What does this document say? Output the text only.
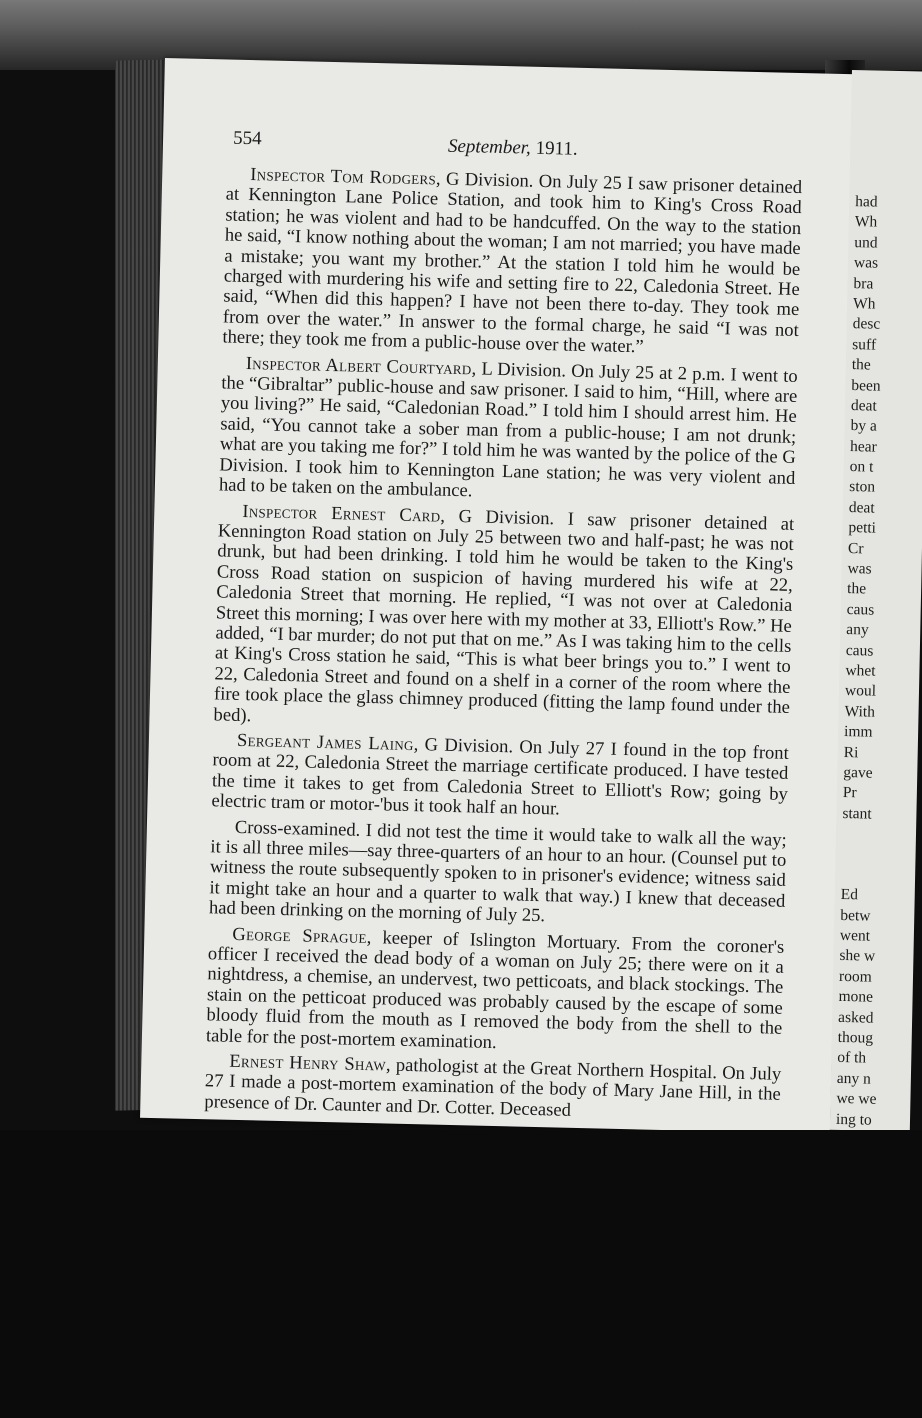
554	September, 1911.

Inspector Tom Rodgers, G Division. On July 25 I saw prisoner detained at Kennington Lane Police Station, and took him to King's Cross Road station; he was violent and had to be handcuffed. On the way to the station he said, “I know nothing about the woman; I am not married; you have made a mistake; you want my brother.” At the station I told him he would be charged with murdering his wife and setting fire to 22, Caledonia Street. He said, “When did this happen? I have not been there to-day. They took me from over the water.” In answer to the formal charge, he said “I was not there; they took me from a public-house over the water.”

Inspector Albert Courtyard, L Division. On July 25 at 2 p.m. I went to the “Gibraltar” public-house and saw prisoner. I said to him, “Hill, where are you living?” He said, “Caledonian Road.” I told him I should arrest him. He said, “You cannot take a sober man from a public-house; I am not drunk; what are you taking me for?” I told him he was wanted by the police of the G Division. I took him to Kennington Lane station; he was very violent and had to be taken on the ambulance.

Inspector Ernest Card, G Division. I saw prisoner detained at Kennington Road station on July 25 between two and half-past; he was not drunk, but had been drinking. I told him he would be taken to the King's Cross Road station on suspicion of having murdered his wife at 22, Caledonia Street that morning. He replied, “I was not over at Caledonia Street this morning; I was over here with my mother at 33, Elliott's Row.” He added, “I bar murder; do not put that on me.” As I was taking him to the cells at King's Cross station he said, “This is what beer brings you to.” I went to 22, Caledonia Street and found on a shelf in a corner of the room where the fire took place the glass chimney produced (fitting the lamp found under the bed).

Sergeant James Laing, G Division. On July 27 I found in the top front room at 22, Caledonia Street the marriage certificate produced. I have tested the time it takes to get from Caledonia Street to Elliott's Row; going by electric tram or motor-'bus it took half an hour.

Cross-examined. I did not test the time it would take to walk all the way; it is all three miles—say three-quarters of an hour to an hour. (Counsel put to witness the route subsequently spoken to in prisoner's evidence; witness said it might take an hour and a quarter to walk that way.) I knew that deceased had been drinking on the morning of July 25.

George Sprague, keeper of Islington Mortuary. From the coroner's officer I received the dead body of a woman on July 25; there were on it a nightdress, a chemise, an undervest, two petticoats, and black stockings. The stain on the petticoat produced was probably caused by the escape of some bloody fluid from the mouth as I removed the body from the shell to the table for the post-mortem examination.

Ernest Henry Shaw, pathologist at the Great Northern Hospital. On July 27 I made a post-mortem examination of the body of Mary Jane Hill, in the presence of Dr. Caunter and Dr. Cotter. Deceased

had
Wh
und
was
bra
Wh
desc
suff
the
been
deat
by a
hear
on t
ston
deat
petti
Cr
was
the
caus
any
caus
whet
woul
With
imm
Ri
gave
Pr
stant
Ed
betw
went
she w
room
mone
asked
thoug
of th
any n
we we
ing to
